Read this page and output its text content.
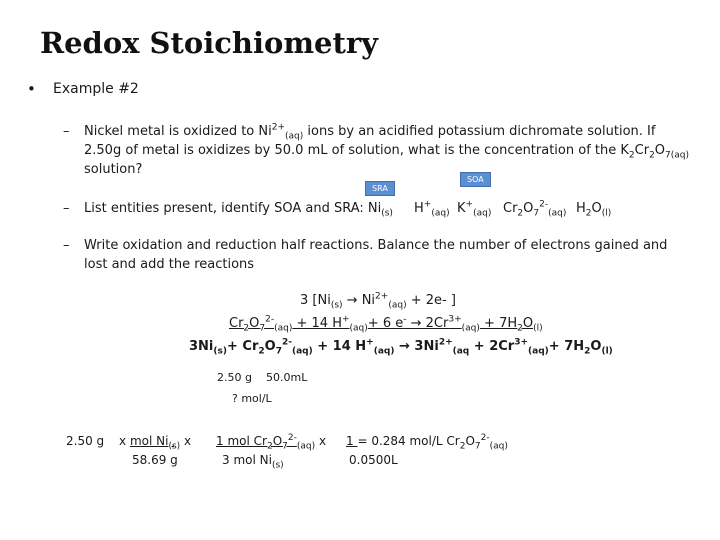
Redox Stoichiometry
• Example #2
– Nickel metal is oxidized to $Ni^{2+}_{(aq)}$ ions by an acidified potassium dichromate solution. If
2.50g of metal is oxidizes by 50.0 mL of solution, what is the concentration of the $K_2Cr_2O_{7(aq)}$
solution?
SRA
SOA
– List entities present, identify SOA and SRA: $Ni_{(s)}$ $H^+_{(aq)}$ $K^+_{(aq)}$ $Cr_2O_7^{2-}_{(aq)}$ $H_2O_{(l)}$
– Write oxidation and reduction half reactions. Balance the number of electrons gained and
lost and add the reactions
3 [$Ni_{(s)} \to Ni^{2+}_{(aq)} + 2e-$ ]
$Cr_2O_7^{2-}_{(aq)} + 14$ $H^+_{(aq)}+ 6$ $e^- \to 2Cr^{3+}_{(aq)} + 7H_2O_{(l)}$
$3Ni_{(s)}+ Cr_2O_7^{2-}_{(aq)} + 14$ $H^+_{(aq)} \to 3Ni^{2+}_{(aq} + 2Cr^{3+}_{(aq)}+ 7H_2O_{(l)}$
2.50 g 50.0mL
? mol/L
2.50 g x mol $Ni_{(s)}$ x
58.69 g
1 mol $Cr_2O_7^{2-}_{(aq)}$ x
3 mol $Ni_{(s)}$
1 = 0.284 mol/L $Cr_2O_7^{2-}_{(aq)}$
0.0500L
